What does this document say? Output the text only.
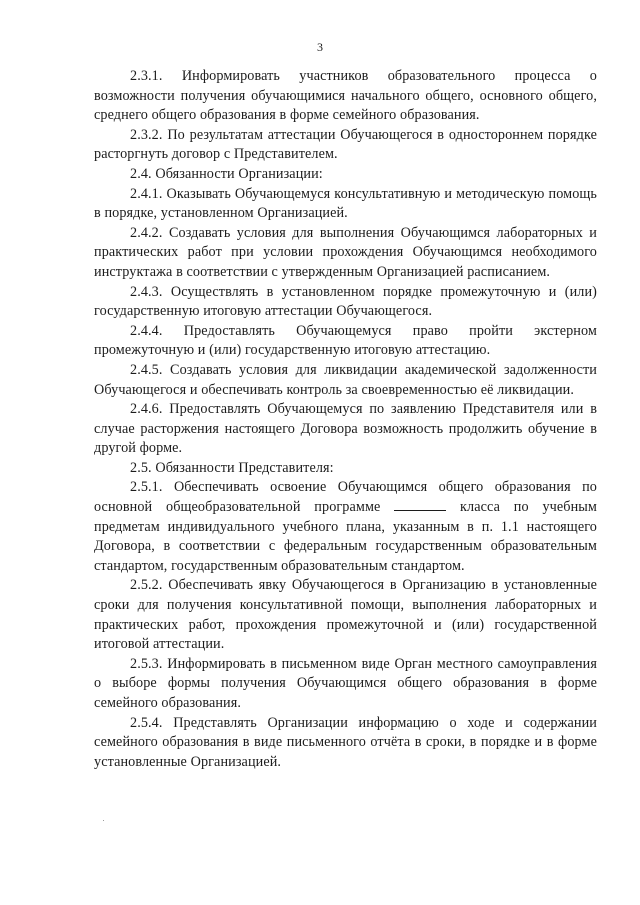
3

2.3.1. Информировать участников образовательного процесса о возможности получения обучающимися начального общего, основного общего, среднего общего образования в форме семейного образования.

2.3.2. По результатам аттестации Обучающегося в одностороннем порядке расторгнуть договор с Представителем.

2.4. Обязанности Организации:

2.4.1. Оказывать Обучающемуся консультативную и методическую помощь в порядке, установленном Организацией.

2.4.2. Создавать условия для выполнения Обучающимся лабораторных и практических работ при условии прохождения Обучающимся необходимого инструктажа в соответствии с утвержденным Организацией расписанием.

2.4.3. Осуществлять в установленном порядке промежуточную и (или) государственную итоговую аттестации Обучающегося.

2.4.4. Предоставлять Обучающемуся право пройти экстерном промежуточную и (или) государственную итоговую аттестацию.

2.4.5. Создавать условия для ликвидации академической задолженности Обучающегося и обеспечивать контроль за своевременностью её ликвидации.

2.4.6. Предоставлять Обучающемуся по заявлению Представителя или в случае расторжения настоящего Договора возможность продолжить обучение в другой форме.

2.5. Обязанности Представителя:

2.5.1. Обеспечивать освоение Обучающимся общего образования по основной общеобразовательной программе	класса по учебным предметам индивидуального учебного плана, указанным в п. 1.1 настоящего Договора, в соответствии с федеральным государственным образовательным стандартом, государственным образовательным стандартом.

2.5.2. Обеспечивать явку Обучающегося в Организацию в установленные сроки для получения консультативной помощи, выполнения лабораторных и практических работ, прохождения промежуточной и (или) государственной итоговой аттестации.

2.5.3. Информировать в письменном виде Орган местного самоуправления о выборе формы получения Обучающимся общего образования в форме семейного образования.

2.5.4. Представлять Организации информацию о ходе и содержании семейного образования в виде письменного отчёта в сроки, в порядке и в форме установленные Организацией.
